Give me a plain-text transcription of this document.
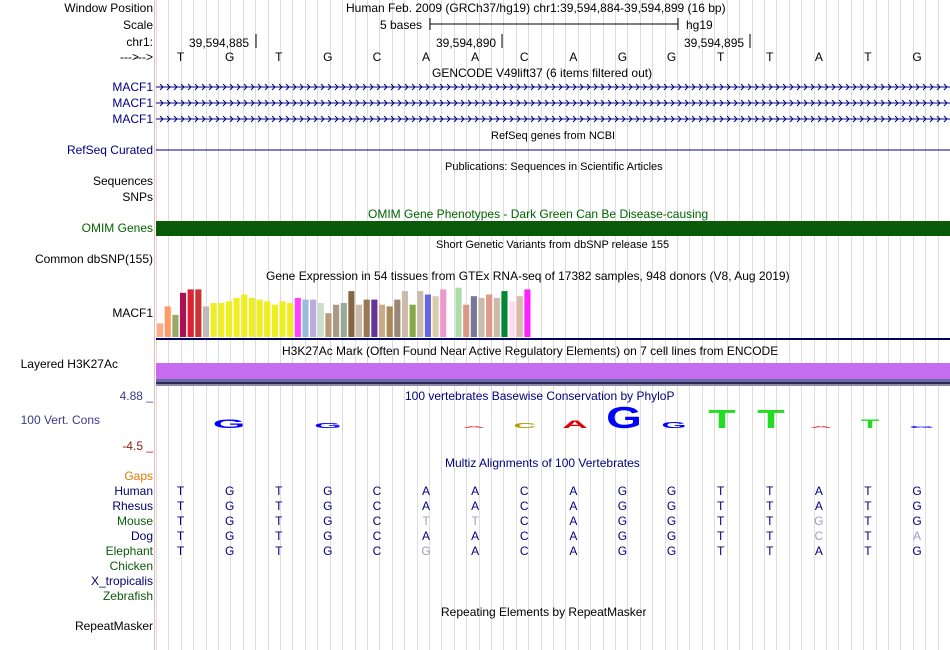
Window Position
Scale
chr1:
--->
MACF1
MACF1
MACF1
RefSeq Curated
Sequences
SNPs
OMIM Genes
Common dbSNP(155)
MACF1
Layered H3K27Ac
4.88 _
100 Vert. Cons
-4.5 _
Gaps
Human
Rhesus
Mouse
Dog
Elephant
Chicken
X_tropicalis
Zebrafish
RepeatMasker
Human Feb. 2009 (GRCh37/hg19) chr1:39,594,884-39,594,899 (16 bp)
5 bases	hg19
39,594,885	39,594,890	39,594,895
T	G	T	G	C	A	A	C	A	G	G	T	T	A	T	G
GENCODE V49lift37 (6 items filtered out)
RefSeq genes from NCBI
Publications: Sequences in Scientific Articles
OMIM Gene Phenotypes - Dark Green Can Be Disease-causing
Short Genetic Variants from dbSNP release 155
Gene Expression in 54 tissues from GTEx RNA-seq of 17382 samples, 948 donors (V8, Aug 2019)
H3K27Ac Mark (Often Found Near Active Regulatory Elements) on 7 cell lines from ENCODE
100 vertebrates Basewise Conservation by PhyloP
Multiz Alignments of 100 Vertebrates
Repeating Elements by RepeatMasker
G	G	A C A G G T T A T G
T	G	T	G	C	A	A	C	A	G	G	T	T	A	T	G
T	G	T	G	C	A	A	C	A	G	G	T	T	A	T	G
T	G	T	G	C	T	T	C	A	G	G	T	T	G	T	G
T	G	T	G	C	A	A	C	A	G	G	T	T	C	T	A
T	G	T	G	C	G	A	C	A	G	G	T	T	A	T	G
--->
